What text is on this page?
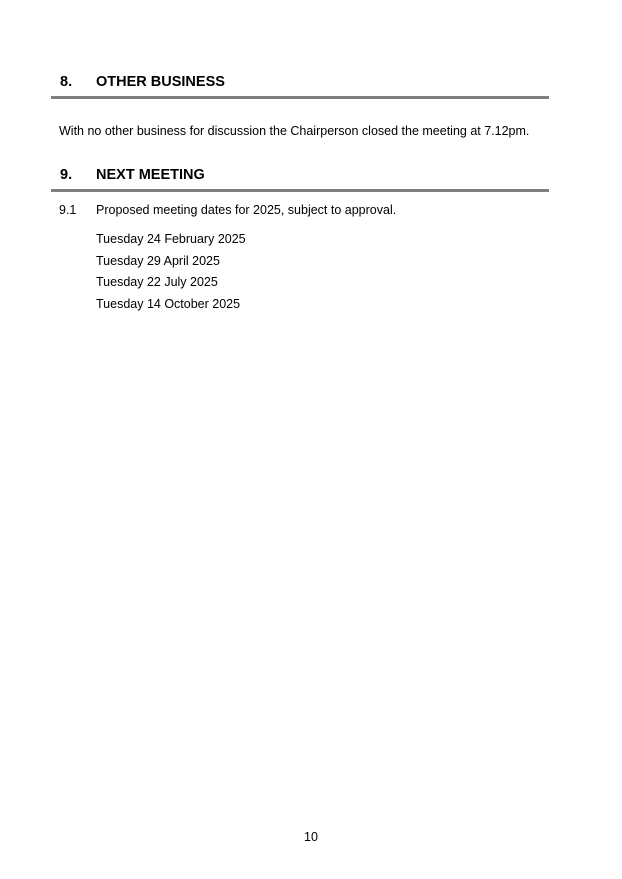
8. OTHER BUSINESS
With no other business for discussion the Chairperson closed the meeting at 7.12pm.
9. NEXT MEETING
9.1 Proposed meeting dates for 2025, subject to approval.
Tuesday 24 February 2025
Tuesday 29 April 2025
Tuesday 22 July 2025
Tuesday 14 October 2025
10
